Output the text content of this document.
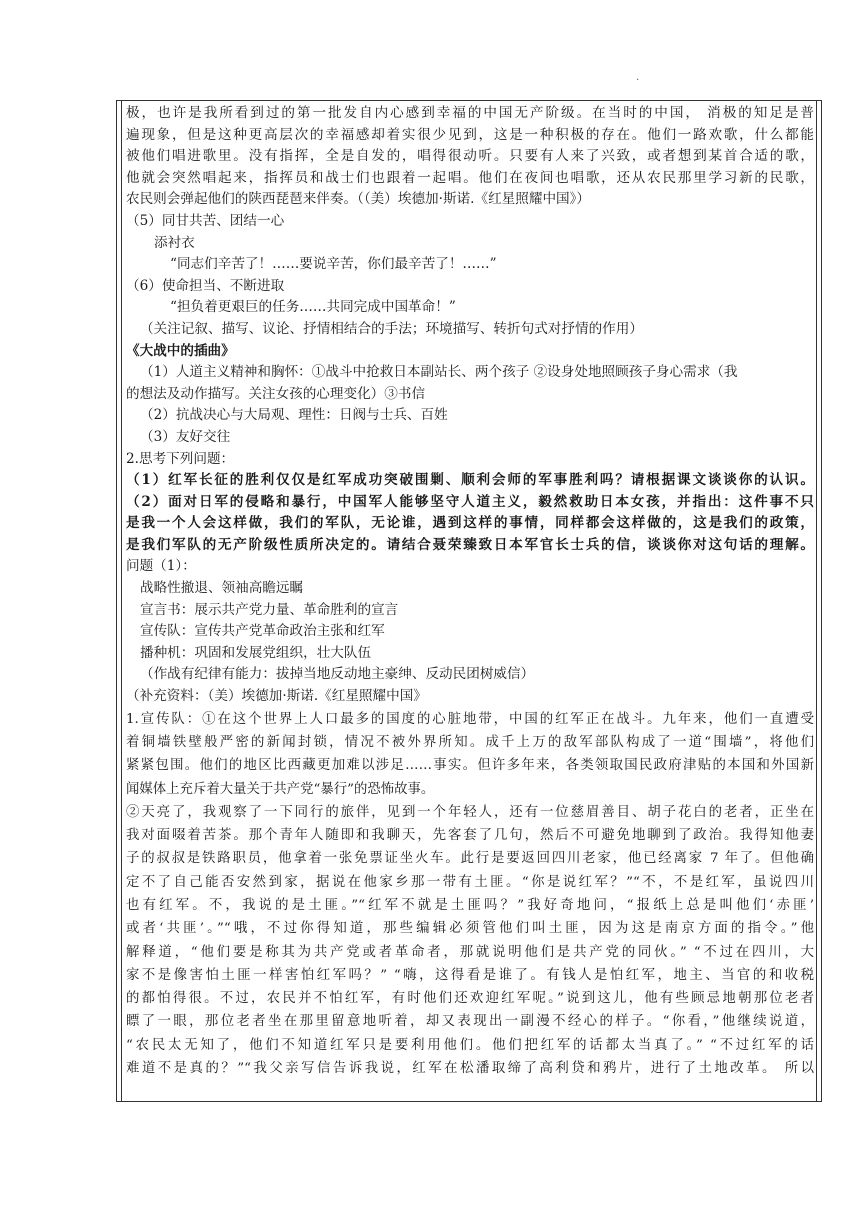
.
极，也许是我所看到过的第一批发自内心感到幸福的中国无产阶级。在当时的中国， 消极的知足是普
遍现象，但是这种更高层次的幸福感却着实很少见到，这是一种积极的存在。他们一路欢歌，什么都能
被他们唱进歌里。没有指挥，全是自发的，唱得很动听。只要有人来了兴致，或者想到某首合适的歌，
他就会突然唱起来，指挥员和战士们也跟着一起唱。他们在夜间也唱歌，还从农民那里学习新的民歌，
农民则会弹起他们的陕西琵琶来伴奏。（（美）埃德加·斯诺.《红星照耀中国》）
（5）同甘共苦、团结一心
添衬衣
“同志们辛苦了！……要说辛苦，你们最辛苦了！……”
（6）使命担当、不断进取
“担负着更艰巨的任务……共同完成中国革命！”
（关注记叙、描写、议论、抒情相结合的手法；环境描写、转折句式对抒情的作用）
《大战中的插曲》
（1）人道主义精神和胸怀：①战斗中抢救日本副站长、两个孩子 ②设身处地照顾孩子身心需求（我
的想法及动作描写。关注女孩的心理变化）③书信
（2）抗战决心与大局观、理性：日阀与士兵、百姓
（3）友好交往
2.思考下列问题：
（1）红军长征的胜利仅仅是红军成功突破围剿、顺利会师的军事胜利吗？请根据课文谈谈你的认识。
（2）面对日军的侵略和暴行，中国军人能够坚守人道主义，毅然救助日本女孩，并指出：这件事不只
是我一个人会这样做，我们的军队，无论谁，遇到这样的事情，同样都会这样做的，这是我们的政策，
是我们军队的无产阶级性质所决定的。请结合聂荣臻致日本军官长士兵的信，谈谈你对这句话的理解。
问题（1）：
战略性撤退、领袖高瞻远瞩
宣言书：展示共产党力量、革命胜利的宣言
宣传队：宣传共产党革命政治主张和红军
播种机：巩固和发展党组织，壮大队伍
（作战有纪律有能力：拔掉当地反动地主豪绅、反动民团树威信）
（补充资料：（美）埃德加·斯诺.《红星照耀中国》
1.宣传队：①在这个世界上人口最多的国度的心脏地带，中国的红军正在战斗。九年来，他们一直遭受
着铜墙铁壁般严密的新闻封锁，情况不被外界所知。成千上万的敌军部队构成了一道“围墙”，将他们
紧紧包围。他们的地区比西藏更加难以涉足……事实。但许多年来，各类领取国民政府津贴的本国和外国新
闻媒体上充斥着大量关于共产党“暴行”的恐怖故事。
②天亮了，我观察了一下同行的旅伴，见到一个年轻人，还有一位慈眉善目、胡子花白的老者，正坐在
我对面啜着苦茶。那个青年人随即和我聊天，先客套了几句，然后不可避免地聊到了政治。我得知他妻
子的叔叔是铁路职员，他拿着一张免票证坐火车。此行是要返回四川老家，他已经离家 7 年了。但他确
定不了自己能否安然到家，据说在他家乡那一带有土匪。“你是说红军？”“不，不是红军，虽说四川
也有红军。不，我说的是土匪。”“红军不就是土匪吗？”我好奇地问，“报纸上总是叫他们‘赤匪’
或者‘共匪’。”“哦，不过你得知道，那些编辑必须管他们叫土匪，因为这是南京方面的指令。”他
解释道，“他们要是称其为共产党或者革命者，那就说明他们是共产党的同伙。” “不过在四川，大
家不是像害怕土匪一样害怕红军吗？” “嗨，这得看是谁了。有钱人是怕红军，地主、当官的和收税
的都怕得很。不过，农民并不怕红军，有时他们还欢迎红军呢。”说到这儿，他有些顾忌地朝那位老者
瞟了一眼，那位老者坐在那里留意地听着，却又表现出一副漫不经心的样子。“你看，”他继续说道，
“农民太无知了，他们不知道红军只是要利用他们。他们把红军的话都太当真了。” “不过红军的话
难道不是真的？”“我父亲写信告诉我说，红军在松潘取缔了高利贷和鸦片，进行了土地改革。 所以
